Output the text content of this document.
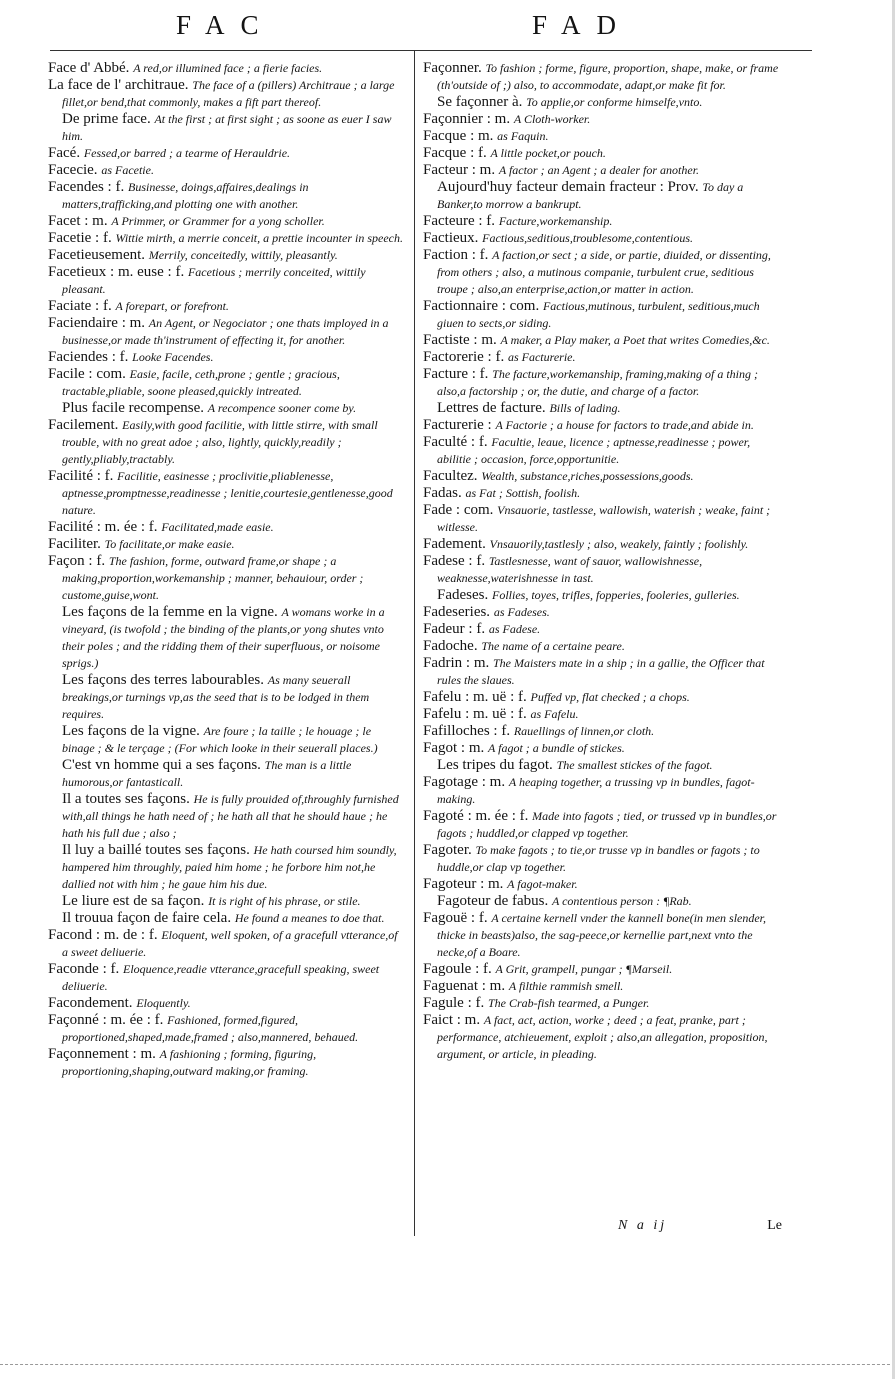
FAC	FAD

Face d' Abbé. A red,or illumined face ; a fierie facies.

La face de l' architraue. The face of a (pillers) Architraue ; a large fillet,or bend,that commonly, makes a fift part thereof.

De prime face. At the first ; at first sight ; as soone as euer I saw him.

Facé. Fessed,or barred ; a tearme of Herauldrie.

Facecie. as Facetie.

Facendes : f. Businesse, doings,affaires,dealings in matters,trafficking,and plotting one with another.

Facet : m. A Primmer, or Grammer for a yong scholler.

Facetie : f. Wittie mirth, a merrie conceit, a prettie incounter in speech.

Facetieusement. Merrily, conceitedly, wittily, pleasantly.

Facetieux : m. euse : f. Facetious ; merrily conceited, wittily pleasant.

Faciate : f. A forepart, or forefront.

Faciendaire : m. An Agent, or Negociator ; one thats imployed in a businesse,or made th'instrument of effecting it, for another.

Faciendes : f. Looke Facendes.

Facile : com. Easie, facile, ceth,prone ; gentle ; gracious, tractable,pliable, soone pleased,quickly intreated.

Plus facile recompense. A recompence sooner come by.

Facilement. Easily,with good facilitie, with little stirre, with small trouble, with no great adoe ; also, lightly, quickly,readily ; gently,pliably,tractably.

Facilité : f. Facilitie, easinesse ; proclivitie,pliablenesse, aptnesse,promptnesse,readinesse ; lenitie,courtesie,gentlenesse,good nature.

Facilité : m. ée : f. Facilitated,made easie.

Faciliter. To facilitate,or make easie.

Façon : f. The fashion, forme, outward frame,or shape ; a making,proportion,workemanship ; manner, behauiour, order ; custome,guise,wont.

Les façons de la femme en la vigne. A womans worke in a vineyard, (is twofold ; the binding of the plants,or yong shutes vnto their poles ; and the ridding them of their superfluous, or noisome sprigs.)

Les façons des terres labourables. As many seuerall breakings,or turnings vp,as the seed that is to be lodged in them requires.

Les façons de la vigne. Are foure ; la taille ; le houage ; le binage ; & le terçage ; (For which looke in their seuerall places.)

C'est vn homme qui a ses façons. The man is a little humorous,or fantasticall.

Il a toutes ses façons. He is fully prouided of,throughly furnished with,all things he hath need of ; he hath all that he should haue ; he hath his full due ; also ;

Il luy a baillé toutes ses façons. He hath coursed him soundly, hampered him throughly, paied him home ; he forbore him not,he dallied not with him ; he gaue him his due.

Le liure est de sa façon. It is right of his phrase, or stile.

Il trouua façon de faire cela. He found a meanes to doe that.

Facond : m. de : f. Eloquent, well spoken, of a gracefull vtterance,of a sweet deliuerie.

Faconde : f. Eloquence,readie vtterance,gracefull speaking, sweet deliuerie.

Facondement. Eloquently.

Façonné : m. ée : f. Fashioned, formed,figured, proportioned,shaped,made,framed ; also,mannered, behaued.

Façonnement : m. A fashioning ; forming, figuring, proportioning,shaping,outward making,or framing.

Façonner. To fashion ; forme, figure, proportion, shape, make, or frame (th'outside of ;) also, to accommodate, adapt,or make fit for.

Se façonner à. To applie,or conforme himselfe,vnto.

Façonnier : m. A Cloth-worker.

Facque : m. as Faquin.

Facque : f. A little pocket,or pouch.

Facteur : m. A factor ; an Agent ; a dealer for another.

Aujourd'huy facteur demain fracteur : Prov. To day a Banker,to morrow a bankrupt.

Facteure : f. Facture,workemanship.

Factieux. Factious,seditious,troublesome,contentious.

Faction : f. A faction,or sect ; a side, or partie, diuided, or dissenting, from others ; also, a mutinous companie, turbulent crue, seditious troupe ; also,an enterprise,action,or matter in action.

Factionnaire : com. Factious,mutinous, turbulent, seditious,much giuen to sects,or siding.

Factiste : m. A maker, a Play maker, a Poet that writes Comedies,&c.

Factorerie : f. as Facturerie.

Facture : f. The facture,workemanship, framing,making of a thing ; also,a factorship ; or, the dutie, and charge of a factor.

Lettres de facture. Bills of lading.

Facturerie : A Factorie ; a house for factors to trade,and abide in.

Faculté : f. Facultie, leaue, licence ; aptnesse,readinesse ; power, abilitie ; occasion, force,opportunitie.

Facultez. Wealth, substance,riches,possessions,goods.

Fadas. as Fat ; Sottish, foolish.

Fade : com. Vnsauorie, tastlesse, wallowish, waterish ; weake, faint ; witlesse.

Fadement. Vnsauorily,tastlesly ; also, weakely, faintly ; foolishly.

Fadese : f. Tastlesnesse, want of sauor, wallowishnesse, weaknesse,waterishnesse in tast.

Fadeses. Follies, toyes, trifles, fopperies, fooleries, gulleries.

Fadeseries. as Fadeses.

Fadeur : f. as Fadese.

Fadoche. The name of a certaine peare.

Fadrin : m. The Maisters mate in a ship ; in a gallie, the Officer that rules the slaues.

Fafelu : m. uë : f. Puffed vp, flat checked ; a chops.

Fafelu : m. uë : f. as Fafelu.

Fafilloches : f. Rauellings of linnen,or cloth.

Fagot : m. A fagot ; a bundle of stickes.

Les tripes du fagot. The smallest stickes of the fagot.

Fagotage : m. A heaping together, a trussing vp in bundles, fagot-making.

Fagoté : m. ée : f. Made into fagots ; tied, or trussed vp in bundles,or fagots ; huddled,or clapped vp together.

Fagoter. To make fagots ; to tie,or trusse vp in bandles or fagots ; to huddle,or clap vp together.

Fagoteur : m. A fagot-maker.

Fagoteur de fabus. A contentious person : ¶Rab.

Fagouë : f. A certaine kernell vnder the kannell bone(in men slender, thicke in beasts)also, the sag-peece,or kernellie part,next vnto the necke,of a Boare.

Fagoule : f. A Grit, grampell, pungar ; ¶Marseil.

Faguenat : m. A filthie rammish smell.

Fagule : f. The Crab-fish tearmed, a Punger.

Faict : m. A fact, act, action, worke ; deed ; a feat, pranke, part ; performance, atchieuement, exploit ; also,an allegation, proposition, argument, or article, in pleading.

N a ij	Le
